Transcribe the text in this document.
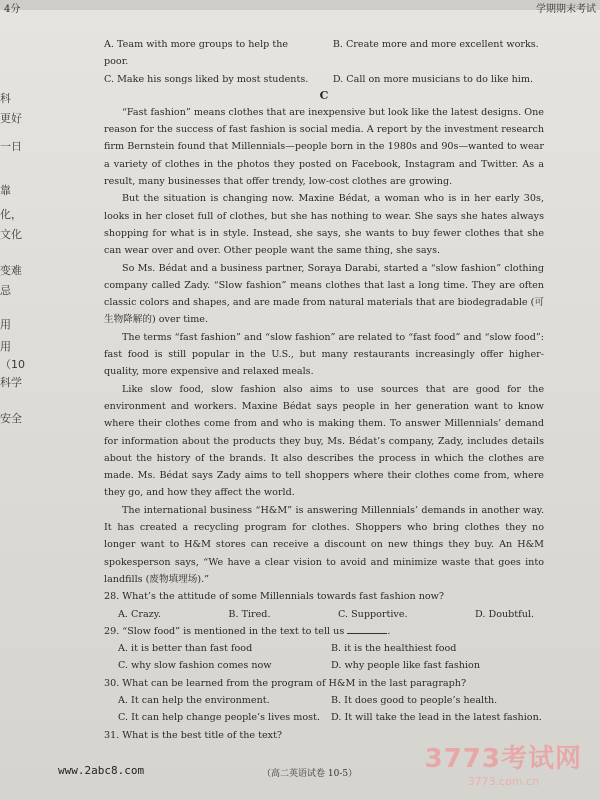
4分	学期期末考试
科
更好
一日
靠
化，
文化
变难
忌
用
用
（10
科学
安全
A. Team with more groups to help the poor.
B. Create more and more excellent works.
C. Make his songs liked by most students.	D. Call on more musicians to do like him.

C

“Fast fashion” means clothes that are inexpensive but look like the latest designs. One reason for the success of fast fashion is social media. A report by the investment research firm Bernstein found that Millennials—people born in the 1980s and 90s—wanted to wear a variety of clothes in the photos they posted on Facebook, Instagram and Twitter. As a result, many businesses that offer trendy, low-cost clothes are growing.

But the situation is changing now. Maxine Bédat, a woman who is in her early 30s, looks in her closet full of clothes, but she has nothing to wear. She says she hates always shopping for what is in style. Instead, she says, she wants to buy fewer clothes that she can wear over and over. Other people want the same thing, she says.

So Ms. Bédat and a business partner, Soraya Darabi, started a “slow fashion” clothing company called Zady. “Slow fashion” means clothes that last a long time. They are often classic colors and shapes, and are made from natural materials that are biodegradable (可生物降解的) over time.

The terms “fast fashion” and “slow fashion” are related to “fast food” and “slow food”: fast food is still popular in the U.S., but many restaurants increasingly offer higher-quality, more expensive and relaxed meals.

Like slow food, slow fashion also aims to use sources that are good for the environment and workers. Maxine Bédat says people in her generation want to know where their clothes come from and who is making them. To answer Millennials’ demand for information about the products they buy, Ms. Bédat’s company, Zady, includes details about the history of the brands. It also describes the process in which the clothes are made. Ms. Bédat says Zady aims to tell shoppers where their clothes come from, where they go, and how they affect the world.

The international business “H&M” is answering Millennials’ demands in another way. It has created a recycling program for clothes. Shoppers who bring clothes they no longer want to H&M stores can receive a discount on new things they buy. An H&M spokesperson says, “We have a clear vision to avoid and minimize waste that goes into landfills (废物填埋场).”

28. What’s the attitude of some Millennials towards fast fashion now?

A. Crazy.	B. Tired.	C. Supportive.	D. Doubtful.

29. “Slow food” is mentioned in the text to tell us	.

A. it is better than fast food	B. it is the healthiest food
C. why slow fashion comes now	D. why people like fast fashion

30. What can be learned from the program of H&M in the last paragraph?

A. It can help the environment.	B. It does good to people’s health.
C. It can help change people’s lives most.	D. It will take the lead in the latest fashion.

31. What is the best title of the text?

www.2abc8.com	（高二英语试卷 10-5）	3773考试网
3773.com.cn
